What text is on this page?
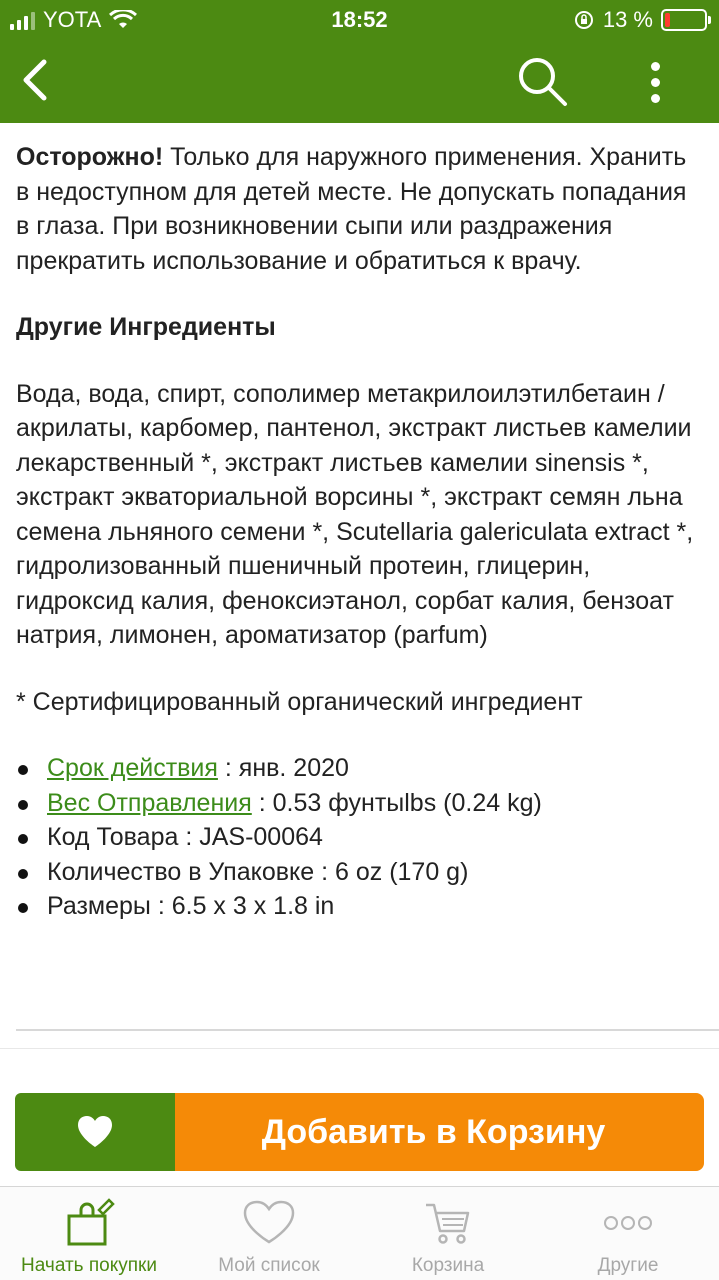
YOTA	18:52	13 %

Осторожно! Только для наружного применения. Хранить в недоступном для детей месте. Не допускать попадания в глаза. При возникновении сыпи или раздражения прекратить использование и обратиться к врачу.

Другие Ингредиенты

Вода, вода, спирт, сополимер метакрилоилэтилбетаин / акрилаты, карбомер, пантенол, экстракт листьев камелии лекарственный *, экстракт листьев камелии sinensis *, экстракт экваториальной ворсины *, экстракт семян льна семена льняного семени *, Scutellaria galericulata extract *, гидролизованный пшеничный протеин, глицерин, гидроксид калия, феноксиэтанол, сорбат калия, бензоат натрия, лимонен, ароматизатор (parfum)

* Сертифицированный органический ингредиент

Срок действия : янв. 2020
Вес Отправления : 0.53 фунтыlbs (0.24 kg)
Код Товара : JAS-00064
Количество в Упаковке : 6 oz (170 g)
Размеры : 6.5 x 3 x 1.8 in
Добавить в Корзину
Начать покупки	Мой список	Корзина	Другие
